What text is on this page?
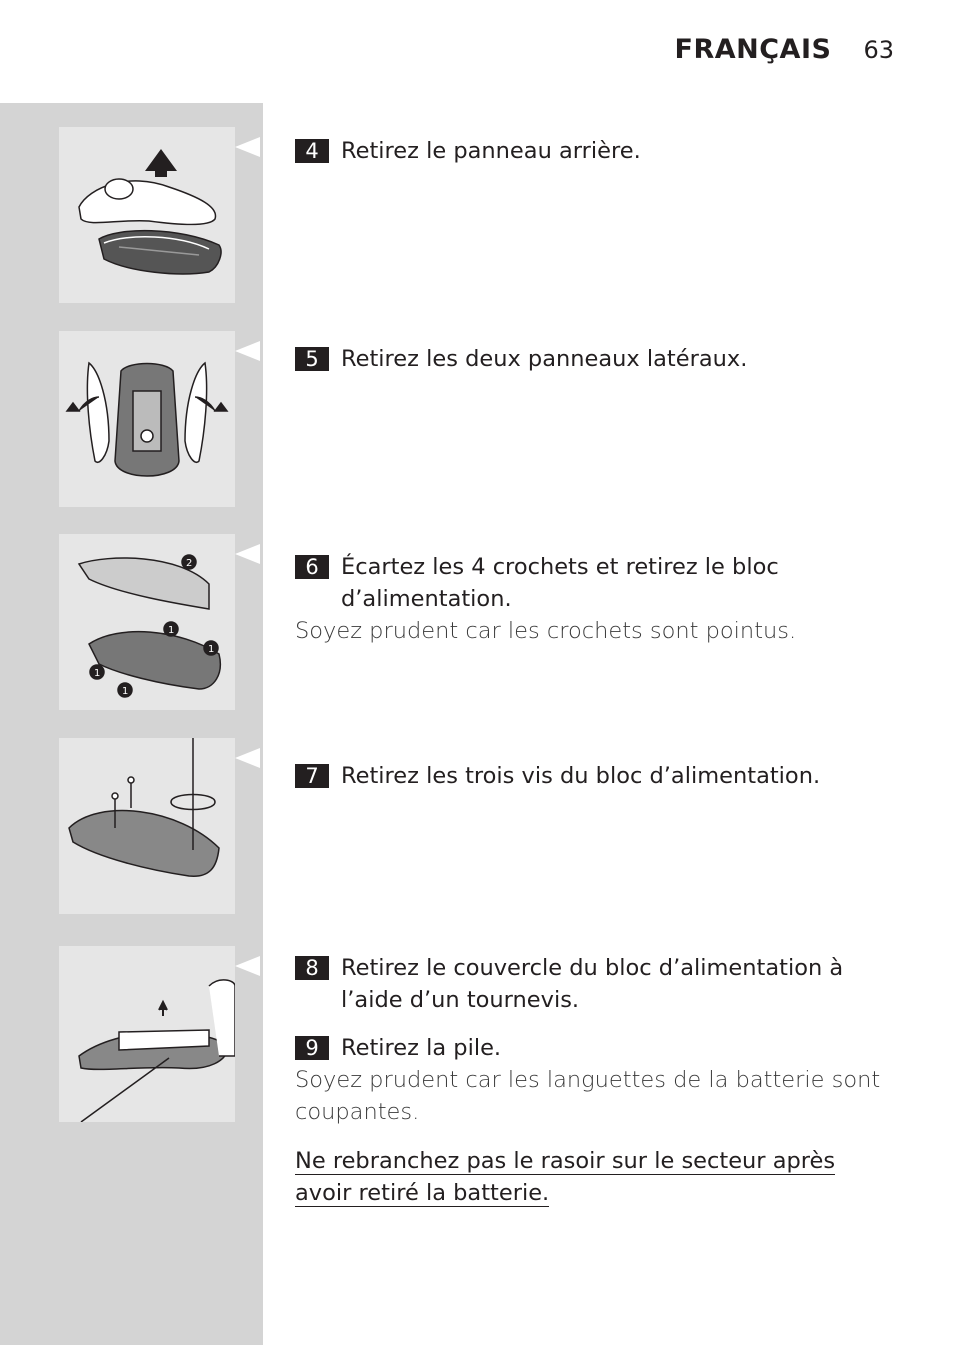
FRANÇAIS 63
2
1
1
1
1
4 Retirez le panneau arrière.
5 Retirez les deux panneaux latéraux.
6 Écartez les 4 crochets et retirez le bloc
d’alimentation.
Soyez prudent car les crochets sont pointus.
7 Retirez les trois vis du bloc d’alimentation.
8 Retirez le couvercle du bloc d’alimentation à
l’aide d’un tournevis.
9 Retirez la pile.
Soyez prudent car les languettes de la batterie sont
coupantes.
Ne rebranchez pas le rasoir sur le secteur après
avoir retiré la batterie.
